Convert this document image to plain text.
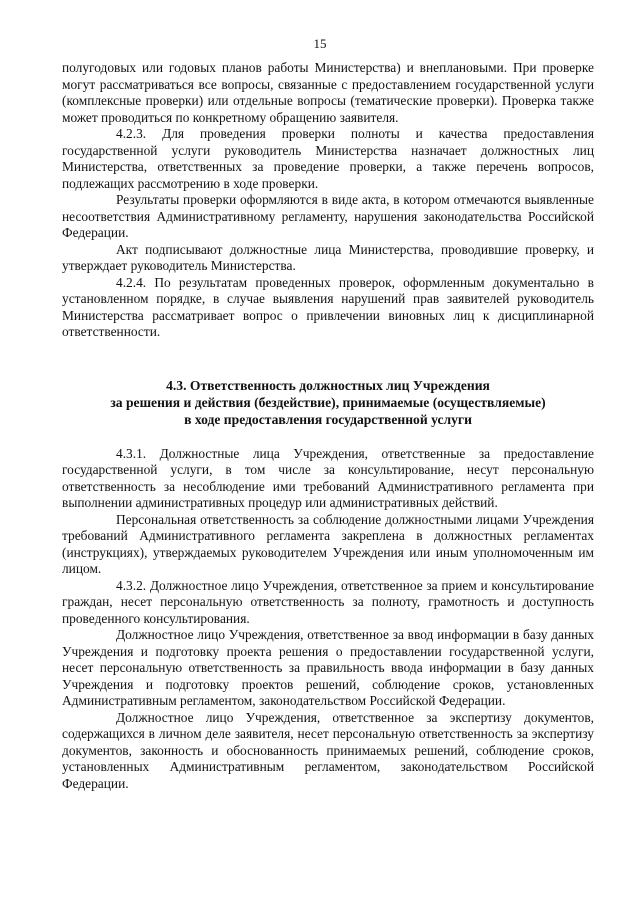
15

полугодовых или годовых планов работы Министерства) и внеплановыми. При проверке могут рассматриваться все вопросы, связанные с предоставлением государственной услуги (комплексные проверки) или отдельные вопросы (тематические проверки). Проверка также может проводиться по конкретному обращению заявителя.

4.2.3. Для проведения проверки полноты и качества предоставления государственной услуги руководитель Министерства назначает должностных лиц Министерства, ответственных за проведение проверки, а также перечень вопросов, подлежащих рассмотрению в ходе проверки.

Результаты проверки оформляются в виде акта, в котором отмечаются выявленные несоответствия Административному регламенту, нарушения законодательства Российской Федерации.

Акт подписывают должностные лица Министерства, проводившие проверку, и утверждает руководитель Министерства.

4.2.4. По результатам проведенных проверок, оформленным документально в установленном порядке, в случае выявления нарушений прав заявителей руководитель Министерства рассматривает вопрос о привлечении виновных лиц к дисциплинарной ответственности.

4.3. Ответственность должностных лиц Учреждения
за решения и действия (бездействие), принимаемые (осуществляемые)
в ходе предоставления государственной услуги

4.3.1. Должностные лица Учреждения, ответственные за предоставление государственной услуги, в том числе за консультирование, несут персональную ответственность за несоблюдение ими требований Административного регламента при выполнении административных процедур или административных действий.

Персональная ответственность за соблюдение должностными лицами Учреждения требований Административного регламента закреплена в должностных регламентах (инструкциях), утверждаемых руководителем Учреждения или иным уполномоченным им лицом.

4.3.2. Должностное лицо Учреждения, ответственное за прием и консультирование граждан, несет персональную ответственность за полноту, грамотность и доступность проведенного консультирования.

Должностное лицо Учреждения, ответственное за ввод информации в базу данных Учреждения и подготовку проекта решения о предоставлении государственной услуги, несет персональную ответственность за правильность ввода информации в базу данных Учреждения и подготовку проектов решений, соблюдение сроков, установленных Административным регламентом, законодательством Российской Федерации.

Должностное лицо Учреждения, ответственное за экспертизу документов, содержащихся в личном деле заявителя, несет персональную ответственность за экспертизу документов, законность и обоснованность принимаемых решений, соблюдение сроков, установленных Административным регламентом, законодательством Российской Федерации.
